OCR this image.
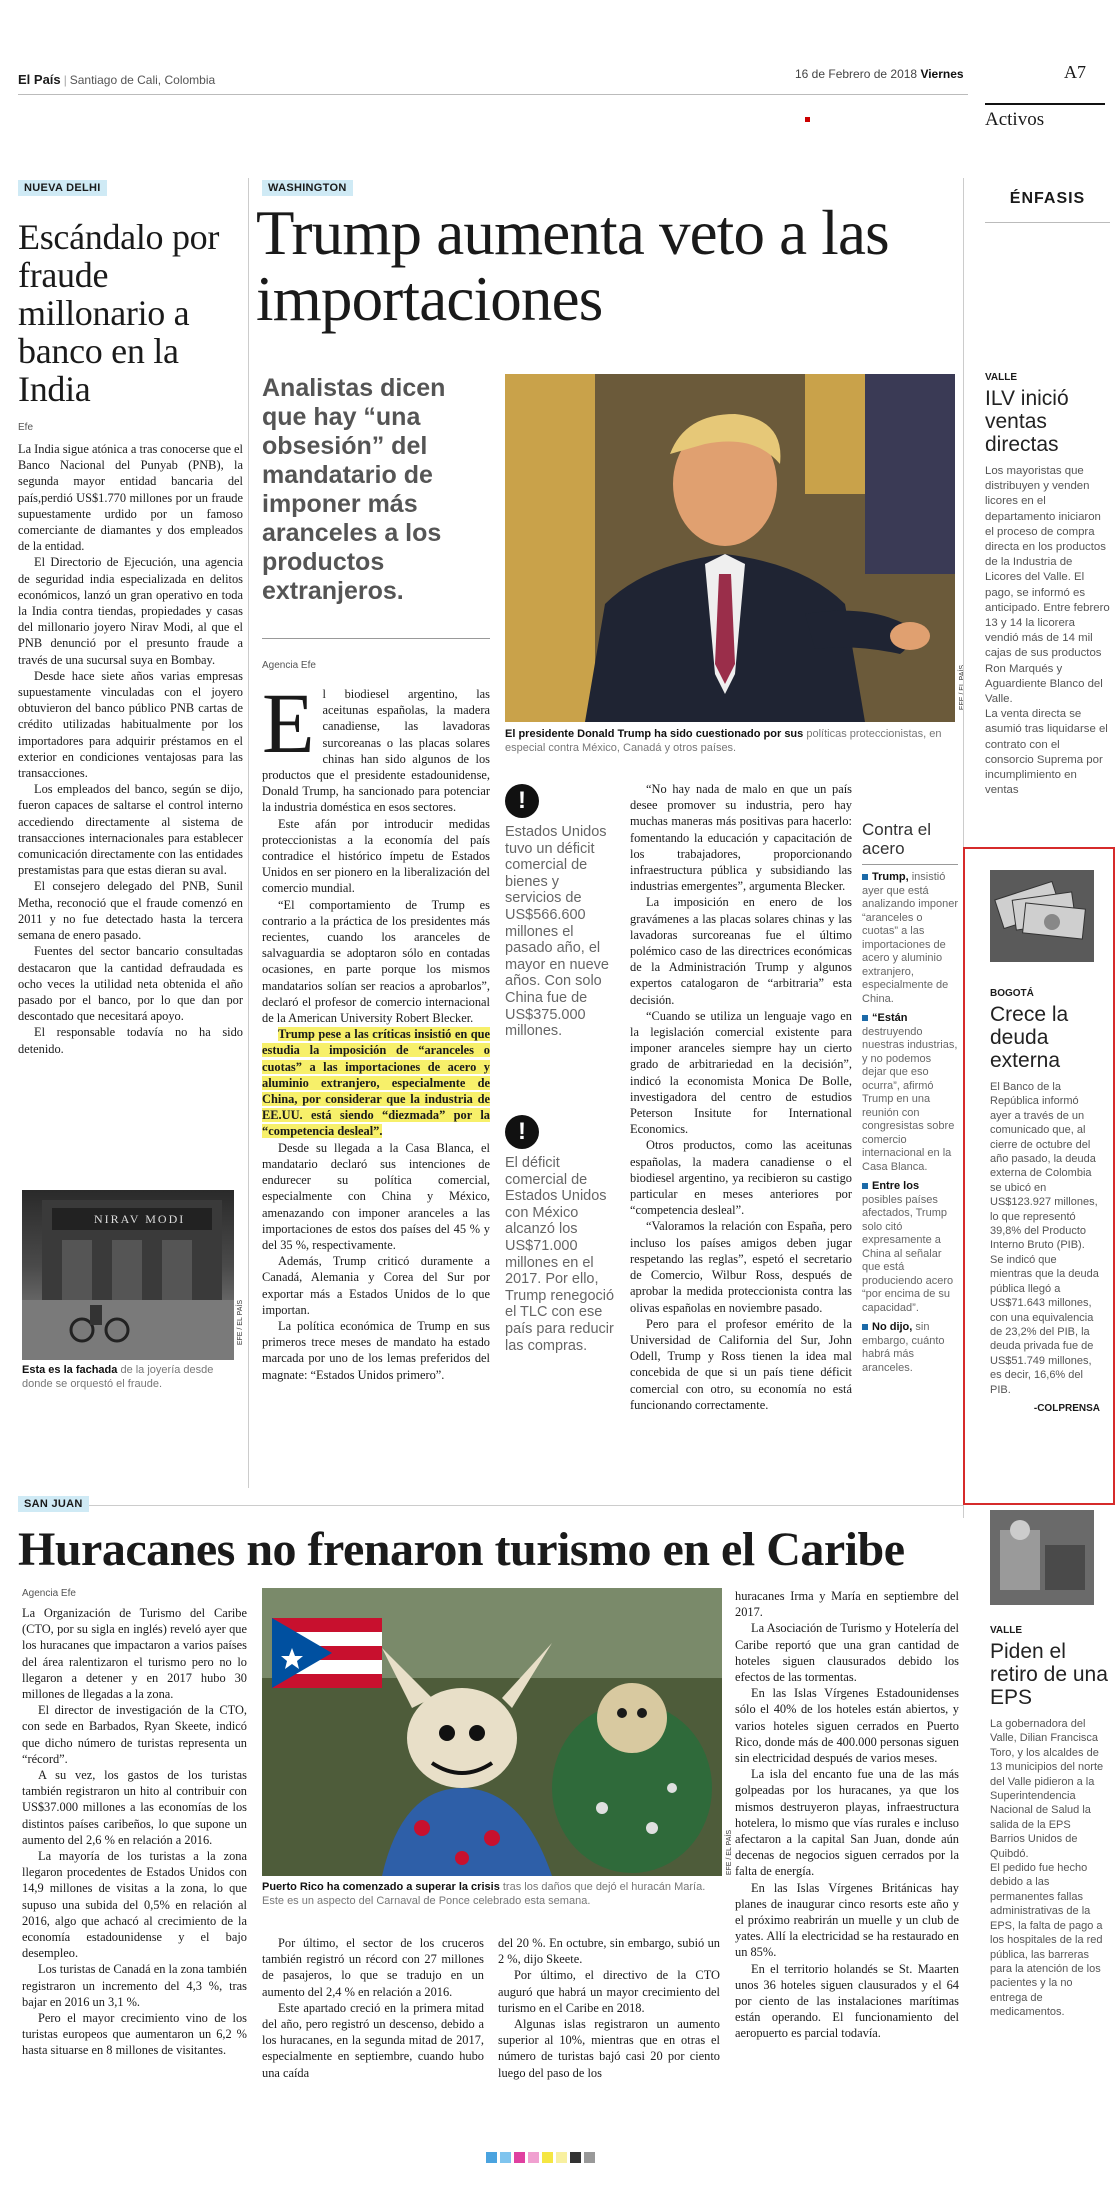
El País | Santiago de Cali, Colombia	16 de Febrero de 2018 Viernes	A7
Activos
NUEVA DELHI
Escándalo por fraude millonario a banco en la India
Efe

La India sigue atónica a tras conocerse que el Banco Nacional del Punyab (PNB), la segunda mayor entidad bancaria del país,perdió US$1.770 millones por un fraude supuestamente urdido por un famoso comerciante de diamantes y dos empleados de la entidad.

El Directorio de Ejecución, una agencia de seguridad india especializada en delitos económicos, lanzó un gran operativo en toda la India contra tiendas, propiedades y casas del millonario joyero Nirav Modi, al que el PNB denunció por el presunto fraude a través de una sucursal suya en Bombay.

Desde hace siete años varias empresas supuestamente vinculadas con el joyero obtuvieron del banco público PNB cartas de crédito utilizadas habitualmente por los importadores para adquirir préstamos en el exterior en condiciones ventajosas para las transacciones.

Los empleados del banco, según se dijo, fueron capaces de saltarse el control interno accediendo directamente al sistema de transacciones internacionales para establecer comunicación directamente con las entidades prestamistas para que estas dieran su aval.

El consejero delegado del PNB, Sunil Metha, reconoció que el fraude comenzó en 2011 y no fue detectado hasta la tercera semana de enero pasado.

Fuentes del sector bancario consultadas destacaron que la cantidad defraudada es ocho veces la utilidad neta obtenida el año pasado por el banco, por lo que dan por descontado que necesitará apoyo.

El responsable todavía no ha sido detenido.

NIRAV MODI
EFE / EL PAÍS
Esta es la fachada de la joyería desde donde se orquestó el fraude.
WASHINGTON
Trump aumenta veto a las importaciones
Analistas dicen que hay “una obsesión” del mandatario de imponer más aranceles a los productos extranjeros.
El presidente Donald Trump ha sido cuestionado por sus políticas proteccionistas, en especial contra México, Canadá y otros países.
Agencia Efe
E l biodiesel argentino, las aceitunas españolas, la madera canadiense, las lavadoras surcoreanas o las placas solares chinas han sido algunos de los productos que el presidente estadounidense, Donald Trump, ha sancionado para potenciar la industria doméstica en esos sectores.

Este afán por introducir medidas proteccionistas a la economía del país contradice el histórico ímpetu de Estados Unidos en ser pionero en la liberalización del comercio mundial.

“El comportamiento de Trump es contrario a la práctica de los presidentes más recientes, cuando los aranceles de salvaguardia se adoptaron sólo en contadas ocasiones, en parte porque los mismos mandatarios solían ser reacios a aprobarlos”, declaró el profesor de comercio internacional de la American University Robert Blecker.

Trump pese a las críticas insistió en que estudia la imposición de “aranceles o cuotas” a las importaciones de acero y aluminio extranjero, especialmente de China, por considerar que la industria de EE.UU. está siendo “diezmada” por la “competencia desleal”.

Desde su llegada a la Casa Blanca, el mandatario declaró sus intenciones de endurecer su política comercial, especialmente con China y México, amenazando con imponer aranceles a las importaciones de estos dos países del 45 % y del 35 %, respectivamente.

Además, Trump criticó duramente a Canadá, Alemania y Corea del Sur por exportar más a Estados Unidos de lo que importan.

La política económica de Trump en sus primeros trece meses de mandato ha estado marcada por uno de los lemas preferidos del magnate: “Estados Unidos primero”.

!
Estados Unidos tuvo un déficit comercial de bienes y servicios de US$566.600 millones el pasado año, el mayor en nueve años. Con solo China fue de US$375.000 millones.
!
El déficit comercial de Estados Unidos con México alcanzó los US$71.000 millones en el 2017. Por ello, Trump renegoció el TLC con ese país para reducir las compras.

“No hay nada de malo en que un país desee promover su industria, pero hay muchas maneras más positivas para hacerlo: fomentando la educación y capacitación de los trabajadores, proporcionando infraestructura pública y subsidiando las industrias emergentes”, argumenta Blecker.

La imposición en enero de los gravámenes a las placas solares chinas y las lavadoras surcoreanas fue el último polémico caso de las directrices económicas de la Administración Trump y algunos expertos catalogaron de “arbitraria” esta decisión.

“Cuando se utiliza un lenguaje vago en la legislación comercial existente para imponer aranceles siempre hay un cierto grado de arbitrariedad en la decisión”, indicó la economista Monica De Bolle, investigadora del centro de estudios Peterson Insitute for International Economics.

Otros productos, como las aceitunas españolas, la madera canadiense o el biodiesel argentino, ya recibieron su castigo particular en meses anteriores por “competencia desleal”.

“Valoramos la relación con España, pero incluso los países amigos deben jugar respetando las reglas”, espetó el secretario de Comercio, Wilbur Ross, después de aprobar la medida proteccionista contra las olivas españolas en noviembre pasado.

Pero para el profesor emérito de la Universidad de California del Sur, John Odell, Trump y Ross tienen la idea mal concebida de que si un país tiene déficit comercial con otro, su economía no está funcionando correctamente.

Contra el acero
Trump, insistió ayer que está analizando imponer “aranceles o cuotas” a las importaciones de acero y aluminio extranjero, especialmente de China.
“Están destruyendo nuestras industrias, y no podemos dejar que eso ocurra”, afirmó Trump en una reunión con congresistas sobre comercio internacional en la Casa Blanca.
Entre los posibles países afectados, Trump solo citó expresamente a China al señalar que está produciendo acero “por encima de su capacidad”.
No dijo, sin embargo, cuánto habrá más aranceles.
ÉNFASIS
VALLE
ILV inició ventas directas
Los mayoristas que distribuyen y venden licores en el departamento iniciaron el proceso de compra directa en los productos de la Industria de Licores del Valle. El pago, se informó es anticipado. Entre febrero 13 y 14 la licorera vendió más de 14 mil cajas de sus productos Ron Marqués y Aguardiente Blanco del Valle.
La venta directa se asumió tras liquidarse el contrato con el consorcio Suprema por incumplimiento en ventas
BOGOTÁ
Crece la deuda externa
El Banco de la República informó ayer a través de un comunicado que, al cierre de octubre del año pasado, la deuda externa de Colombia se ubicó en US$123.927 millones, lo que representó 39,8% del Producto Interno Bruto (PIB).
Se indicó que mientras que la deuda pública llegó a US$71.643 millones, con una equivalencia de 23,2% del PIB, la deuda privada fue de US$51.749 millones, es decir, 16,6% del PIB.
-COLPRENSA
VALLE
Piden el retiro de una EPS
La gobernadora del Valle, Dilian Francisca Toro, y los alcaldes de 13 municipios del norte del Valle pidieron a la Superintendencia Nacional de Salud la salida de la EPS Barrios Unidos de Quibdó.
El pedido fue hecho debido a las permanentes fallas administrativas de la EPS, la falta de pago a los hospitales de la red pública, las barreras para la atención de los pacientes y la no entrega de medicamentos.
SAN JUAN
Huracanes no frenaron turismo en el Caribe
Agencia Efe

La Organización de Turismo del Caribe (CTO, por su sigla en inglés) reveló ayer que los huracanes que impactaron a varios países del área ralentizaron el turismo pero no lo llegaron a detener y en 2017 hubo 30 millones de llegadas a la zona.

El director de investigación de la CTO, con sede en Barbados, Ryan Skeete, indicó que dicho número de turistas representa un “récord”.

A su vez, los gastos de los turistas también registraron un hito al contribuir con US$37.000 millones a las economías de los distintos países caribeños, lo que supone un aumento del 2,6 % en relación a 2016.

La mayoría de los turistas a la zona llegaron procedentes de Estados Unidos con 14,9 millones de visitas a la zona, lo que supuso una subida del 0,5% en relación al 2016, algo que achacó al crecimiento de la economía estadounidense y el bajo desempleo.

Los turistas de Canadá en la zona también registraron un incremento del 4,3 %, tras bajar en 2016 un 3,1 %.

Pero el mayor crecimiento vino de los turistas europeos que aumentaron un 6,2 % hasta situarse en 8 millones de visitantes.

EFE / EL PAÍS
Puerto Rico ha comenzado a superar la crisis tras los daños que dejó el huracán María. Este es un aspecto del Carnaval de Ponce celebrado esta semana.

Por último, el sector de los cruceros también registró un récord con 27 millones de pasajeros, lo que se tradujo en un aumento del 2,4 % en relación a 2016.

Este apartado creció en la primera mitad del año, pero registró un descenso, debido a los huracanes, en la segunda mitad de 2017, especialmente en septiembre, cuando hubo una caída

del 20 %. En octubre, sin embargo, subió un 2 %, dijo Skeete.

Por último, el directivo de la CTO auguró que habrá un mayor crecimiento del turismo en el Caribe en 2018.

Algunas islas registraron un aumento superior al 10%, mientras que en otras el número de turistas bajó casi 20 por ciento luego del paso de los

huracanes Irma y María en septiembre del 2017.

La Asociación de Turismo y Hotelería del Caribe reportó que una gran cantidad de hoteles siguen clausurados debido los efectos de las tormentas.

En las Islas Vírgenes Estadounidenses sólo el 40% de los hoteles están abiertos, y varios hoteles siguen cerrados en Puerto Rico, donde más de 400.000 personas siguen sin electricidad después de varios meses.

La isla del encanto fue una de las más golpeadas por los huracanes, ya que los mismos destruyeron playas, infraestructura hotelera, lo mismo que vías rurales e incluso afectaron a la capital San Juan, donde aún decenas de negocios siguen cerrados por la falta de energía.

En las Islas Vírgenes Británicas hay planes de inaugurar cinco resorts este año y el próximo reabrirán un muelle y un club de yates. Allí la electricidad se ha restaurado en un 85%.

En el territorio holandés se St. Maarten unos 36 hoteles siguen clausurados y el 64 por ciento de las instalaciones marítimas están operando. El funcionamiento del aeropuerto es parcial todavía.
